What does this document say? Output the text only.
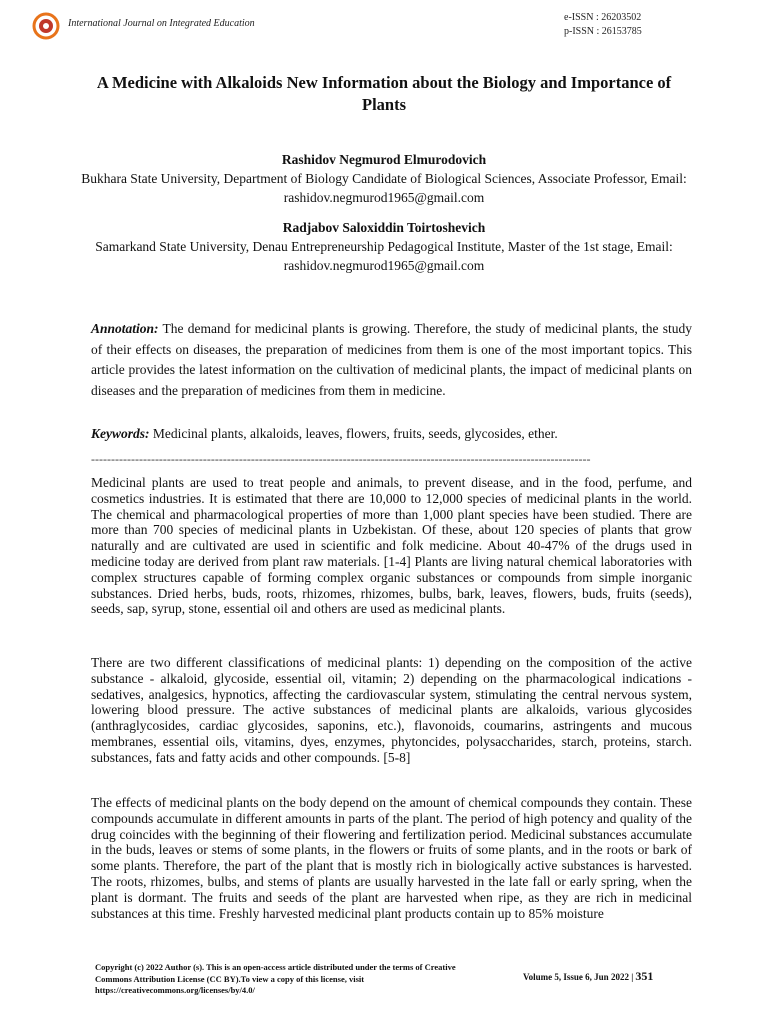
International Journal on Integrated Education
e-ISSN : 26203502
p-ISSN : 26153785
A Medicine with Alkaloids New Information about the Biology and Importance of Plants
Rashidov Negmurod Elmurodovich
Bukhara State University, Department of Biology Candidate of Biological Sciences, Associate Professor, Email: rashidov.negmurod1965@gmail.com
Radjabov Saloxiddin Toirtoshevich
Samarkand State University, Denau Entrepreneurship Pedagogical Institute, Master of the 1st stage, Email: rashidov.negmurod1965@gmail.com
Annotation: The demand for medicinal plants is growing. Therefore, the study of medicinal plants, the study of their effects on diseases, the preparation of medicines from them is one of the most important topics. This article provides the latest information on the cultivation of medicinal plants, the impact of medicinal plants on diseases and the preparation of medicines from them in medicine.
Keywords: Medicinal plants, alkaloids, leaves, flowers, fruits, seeds, glycosides, ether.
-----------------------------------------------------------------------------------------------------------------------------
Medicinal plants are used to treat people and animals, to prevent disease, and in the food, perfume, and cosmetics industries. It is estimated that there are 10,000 to 12,000 species of medicinal plants in the world. The chemical and pharmacological properties of more than 1,000 plant species have been studied. There are more than 700 species of medicinal plants in Uzbekistan. Of these, about 120 species of plants that grow naturally and are cultivated are used in scientific and folk medicine. About 40-47% of the drugs used in medicine today are derived from plant raw materials. [1-4] Plants are living natural chemical laboratories with complex structures capable of forming complex organic substances or compounds from simple inorganic substances. Dried herbs, buds, roots, rhizomes, rhizomes, bulbs, bark, leaves, flowers, buds, fruits (seeds), seeds, sap, syrup, stone, essential oil and others are used as medicinal plants.
There are two different classifications of medicinal plants: 1) depending on the composition of the active substance - alkaloid, glycoside, essential oil, vitamin; 2) depending on the pharmacological indications - sedatives, analgesics, hypnotics, affecting the cardiovascular system, stimulating the central nervous system, lowering blood pressure. The active substances of medicinal plants are alkaloids, various glycosides (anthraglycosides, cardiac glycosides, saponins, etc.), flavonoids, coumarins, astringents and mucous membranes, essential oils, vitamins, dyes, enzymes, phytoncides, polysaccharides, starch, proteins, starch. substances, fats and fatty acids and other compounds. [5-8]
The effects of medicinal plants on the body depend on the amount of chemical compounds they contain. These compounds accumulate in different amounts in parts of the plant. The period of high potency and quality of the drug coincides with the beginning of their flowering and fertilization period. Medicinal substances accumulate in the buds, leaves or stems of some plants, in the flowers or fruits of some plants, and in the roots or bark of some plants. Therefore, the part of the plant that is mostly rich in biologically active substances is harvested. The roots, rhizomes, bulbs, and stems of plants are usually harvested in the late fall or early spring, when the plant is dormant. The fruits and seeds of the plant are harvested when ripe, as they are rich in medicinal substances at this time. Freshly harvested medicinal plant products contain up to 85% moisture
Copyright (c) 2022 Author (s). This is an open-access article distributed under the terms of Creative Commons Attribution License (CC BY).To view a copy of this license, visit https://creativecommons.org/licenses/by/4.0/
Volume 5, Issue 6, Jun 2022 | 351
